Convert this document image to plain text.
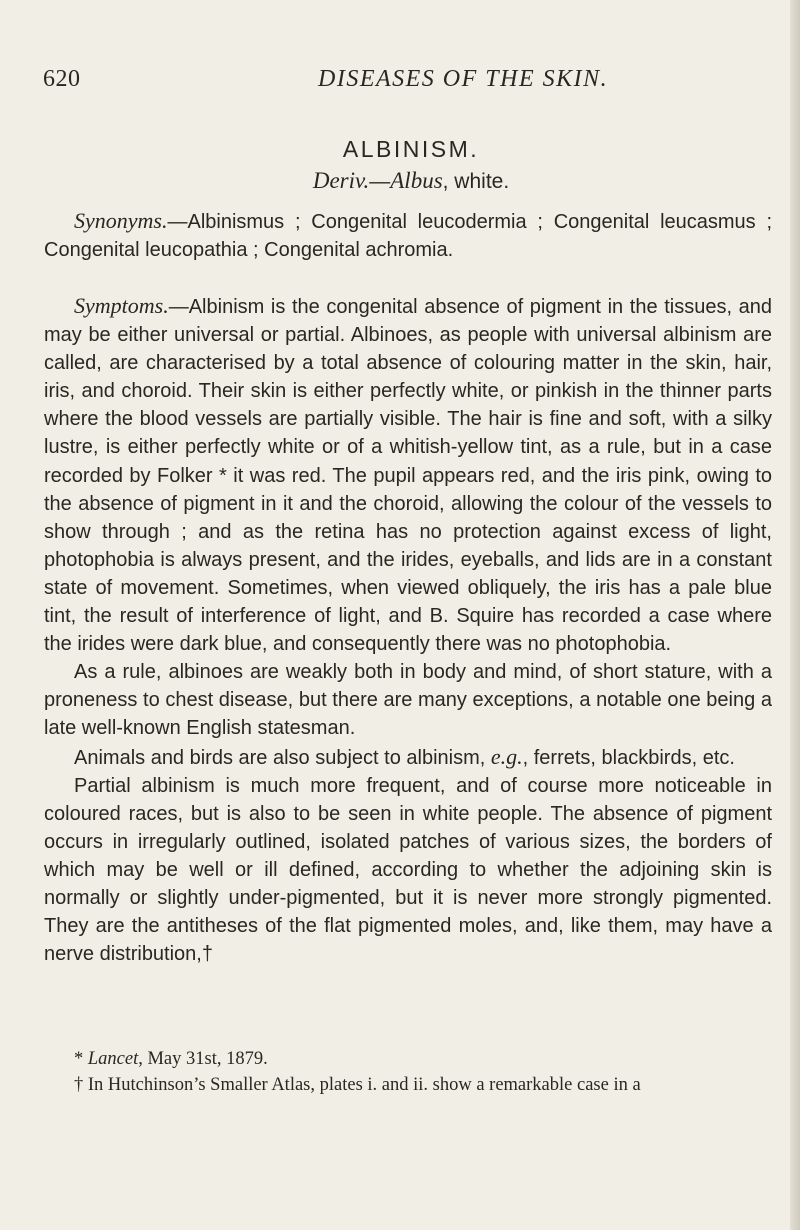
620	DISEASES OF THE SKIN.
ALBINISM.
Deriv.—Albus, white.

Synonyms.—Albinismus ; Congenital leucodermia ; Congenital leucasmus ; Congenital leucopathia ; Congenital achromia.

Symptoms.—Albinism is the congenital absence of pigment in the tissues, and may be either universal or partial. Albinoes, as people with universal albinism are called, are characterised by a total absence of colouring matter in the skin, hair, iris, and choroid. Their skin is either perfectly white, or pinkish in the thinner parts where the blood vessels are partially visible. The hair is fine and soft, with a silky lustre, is either perfectly white or of a whitish-yellow tint, as a rule, but in a case recorded by Folker * it was red. The pupil appears red, and the iris pink, owing to the absence of pigment in it and the choroid, allowing the colour of the vessels to show through ; and as the retina has no protection against excess of light, photophobia is always present, and the irides, eyeballs, and lids are in a constant state of movement. Sometimes, when viewed obliquely, the iris has a pale blue tint, the result of interference of light, and B. Squire has recorded a case where the irides were dark blue, and consequently there was no photophobia.

As a rule, albinoes are weakly both in body and mind, of short stature, with a proneness to chest disease, but there are many exceptions, a notable one being a late well-known English statesman.

Animals and birds are also subject to albinism, e.g., ferrets, blackbirds, etc.

Partial albinism is much more frequent, and of course more noticeable in coloured races, but is also to be seen in white people. The absence of pigment occurs in irregularly outlined, isolated patches of various sizes, the borders of which may be well or ill defined, according to whether the adjoining skin is normally or slightly under-pigmented, but it is never more strongly pigmented. They are the antitheses of the flat pigmented moles, and, like them, may have a nerve distribution,†

* Lancet, May 31st, 1879.

† In Hutchinson’s Smaller Atlas, plates i. and ii. show a remarkable case in a
